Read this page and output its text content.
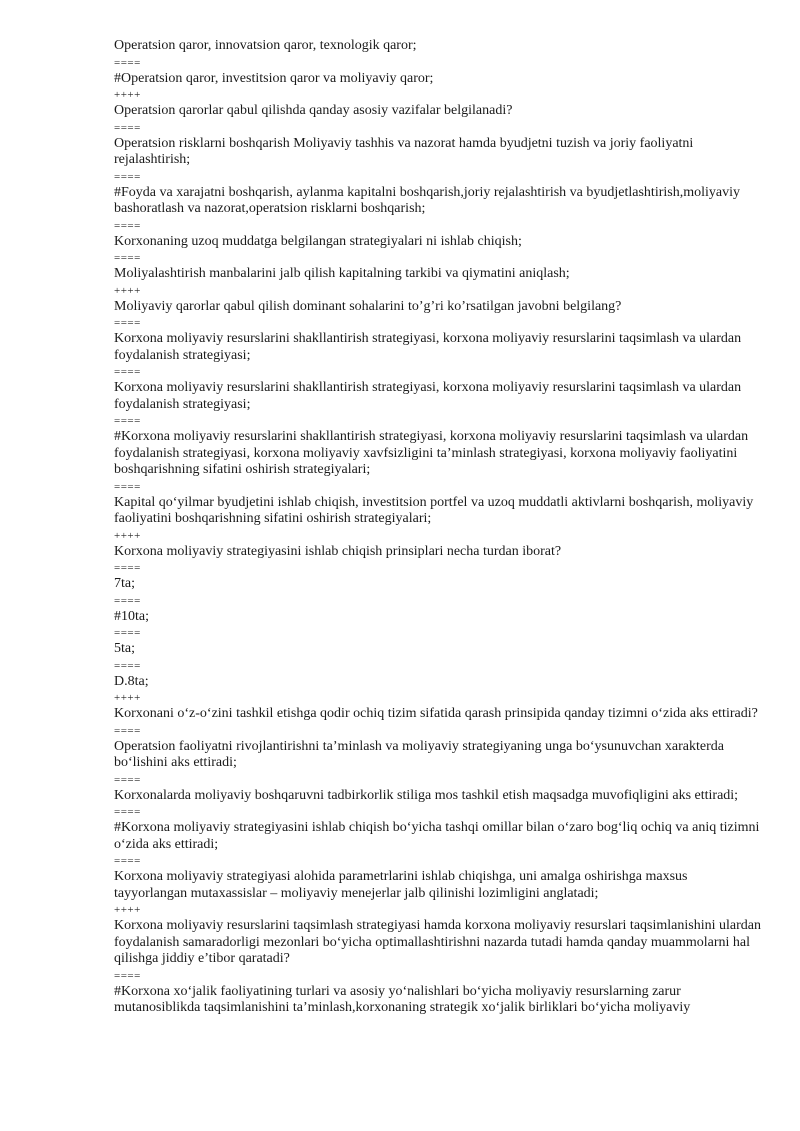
Operatsion qaror, innovatsion qaror, texnologik qaror;
====
#Operatsion qaror, investitsion qaror va moliyaviy qaror;
++++
Operatsion qarorlar qabul qilishda qanday asosiy vazifalar belgilanadi?
====
Operatsion risklarni boshqarish Moliyaviy tashhis va nazorat hamda byudjetni tuzish va joriy faoliyatni rejalashtirish;
====
#Foyda va xarajatni boshqarish, aylanma kapitalni boshqarish,joriy rejalashtirish va byudjetlashtirish,moliyaviy bashoratlash va nazorat,operatsion risklarni boshqarish;
====
Korxonaning uzoq muddatga belgilangan strategiyalari ni ishlab chiqish;
====
Moliyalashtirish manbalarini jalb qilish kapitalning tarkibi va qiymatini aniqlash;
++++
Moliyaviy qarorlar qabul qilish dominant sohalarini to’g’ri ko’rsatilgan javobni belgilang?
====
Korxona moliyaviy resurslarini shakllantirish strategiyasi, korxona moliyaviy resurslarini taqsimlash va ulardan foydalanish strategiyasi;
====
Korxona moliyaviy resurslarini shakllantirish strategiyasi, korxona moliyaviy resurslarini taqsimlash va ulardan foydalanish strategiyasi;
====
#Korxona moliyaviy resurslarini shakllantirish strategiyasi, korxona moliyaviy resurslarini taqsimlash va ulardan foydalanish strategiyasi, korxona moliyaviy xavfsizligini ta’minlash strategiyasi, korxona moliyaviy faoliyatini boshqarishning sifatini oshirish strategiyalari;
====
Kapital qo‘yilmar byudjetini ishlab chiqish, investitsion portfel va uzoq muddatli aktivlarni boshqarish, moliyaviy faoliyatini boshqarishning sifatini oshirish strategiyalari;
++++
Korxona moliyaviy strategiyasini ishlab chiqish prinsiplari necha turdan iborat?
====
7ta;
====
#10ta;
====
5ta;
====
D.8ta;
++++
Korxonani o‘z-o‘zini tashkil etishga qodir ochiq tizim sifatida qarash prinsipida qanday tizimni o‘zida aks ettiradi?
====
Operatsion faoliyatni rivojlantirishni ta’minlash va moliyaviy strategiyaning unga bo‘ysunuvchan xarakterda bo‘lishini aks ettiradi;
====
Korxonalarda moliyaviy boshqaruvni tadbirkorlik stiliga mos tashkil etish maqsadga muvofiqligini aks ettiradi;
====
#Korxona moliyaviy strategiyasini ishlab chiqish bo‘yicha tashqi omillar bilan o‘zaro bog‘liq ochiq va aniq tizimni o‘zida aks ettiradi;
====
Korxona moliyaviy strategiyasi alohida parametrlarini ishlab chiqishga, uni amalga oshirishga maxsus tayyorlangan mutaxassislar – moliyaviy menejerlar jalb qilinishi lozimligini anglatadi;
++++
Korxona moliyaviy resurslarini taqsimlash strategiyasi hamda korxona moliyaviy resurslari taqsimlanishini ulardan foydalanish samaradorligi mezonlari bo‘yicha optimallashtirishni nazarda tutadi hamda qanday muammolarni hal qilishga jiddiy e’tibor qaratadi?
====
#Korxona xo‘jalik faoliyatining turlari va asosiy yo‘nalishlari bo‘yicha moliyaviy resurslarning zarur mutanosiblikda taqsimlanishini ta’minlash,korxonaning strategik xo‘jalik birliklari bo‘yicha moliyaviy
